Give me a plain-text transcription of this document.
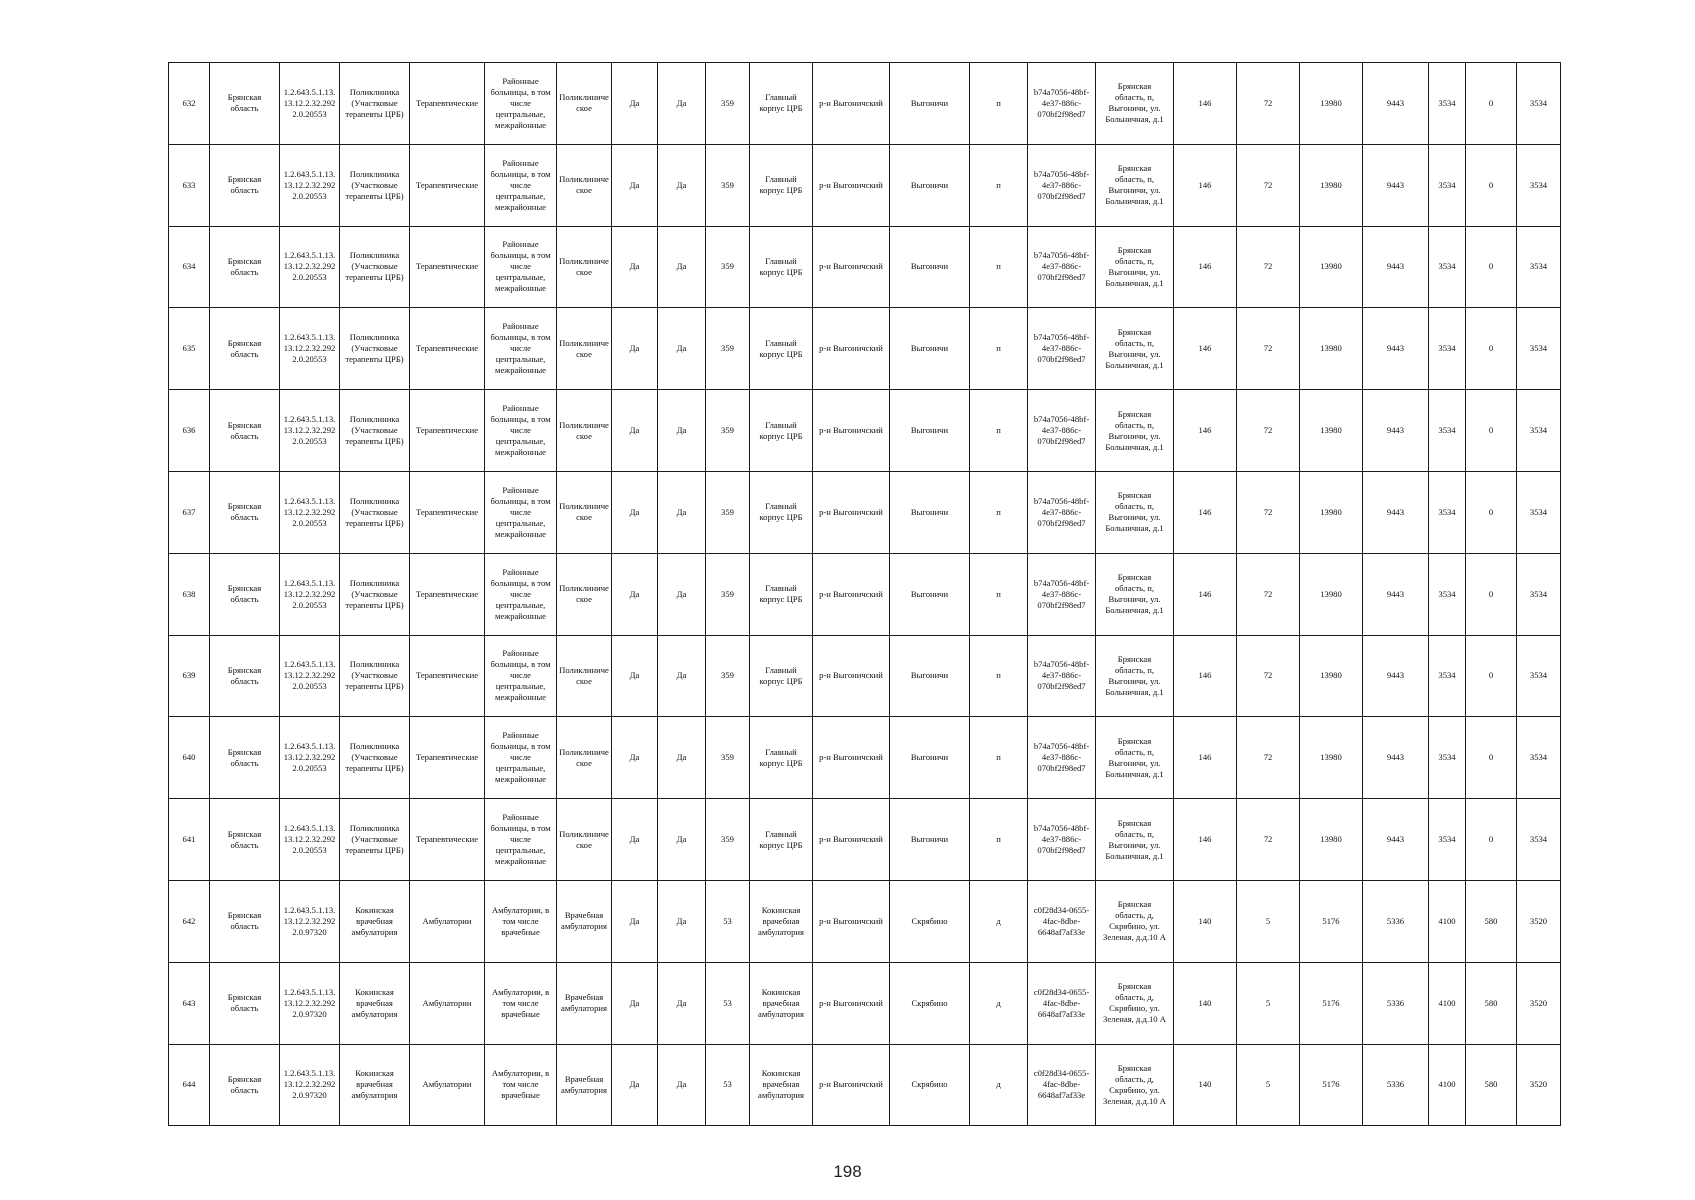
632	Брянская
область	1.2.643.5.1.13.
13.12.2.32.292
2.0.20553	Поликлиника
(Участковые
терапевты ЦРБ)	Терапевтические	Районные
больницы, в том
числе
центральные,
межрайонные	Поликлиниче
ское	Да	Да	359	Главный
корпус ЦРБ	р-н Выгоничский	Выгоничи	п	b74a7056-48bf-
4e37-886c-
070bf2f98ed7	Брянская
область, п,
Выгоничи, ул.
Больничная, д.1	146	72	13980	9443	3534	0	3534
633	Брянская
область	1.2.643.5.1.13.
13.12.2.32.292
2.0.20553	Поликлиника
(Участковые
терапевты ЦРБ)	Терапевтические	Районные
больницы, в том
числе
центральные,
межрайонные	Поликлиниче
ское	Да	Да	359	Главный
корпус ЦРБ	р-н Выгоничский	Выгоничи	п	b74a7056-48bf-
4e37-886c-
070bf2f98ed7	Брянская
область, п,
Выгоничи, ул.
Больничная, д.1	146	72	13980	9443	3534	0	3534
634	Брянская
область	1.2.643.5.1.13.
13.12.2.32.292
2.0.20553	Поликлиника
(Участковые
терапевты ЦРБ)	Терапевтические	Районные
больницы, в том
числе
центральные,
межрайонные	Поликлиниче
ское	Да	Да	359	Главный
корпус ЦРБ	р-н Выгоничский	Выгоничи	п	b74a7056-48bf-
4e37-886c-
070bf2f98ed7	Брянская
область, п,
Выгоничи, ул.
Больничная, д.1	146	72	13980	9443	3534	0	3534
635	Брянская
область	1.2.643.5.1.13.
13.12.2.32.292
2.0.20553	Поликлиника
(Участковые
терапевты ЦРБ)	Терапевтические	Районные
больницы, в том
числе
центральные,
межрайонные	Поликлиниче
ское	Да	Да	359	Главный
корпус ЦРБ	р-н Выгоничский	Выгоничи	п	b74a7056-48bf-
4e37-886c-
070bf2f98ed7	Брянская
область, п,
Выгоничи, ул.
Больничная, д.1	146	72	13980	9443	3534	0	3534
636	Брянская
область	1.2.643.5.1.13.
13.12.2.32.292
2.0.20553	Поликлиника
(Участковые
терапевты ЦРБ)	Терапевтические	Районные
больницы, в том
числе
центральные,
межрайонные	Поликлиниче
ское	Да	Да	359	Главный
корпус ЦРБ	р-н Выгоничский	Выгоничи	п	b74a7056-48bf-
4e37-886c-
070bf2f98ed7	Брянская
область, п,
Выгоничи, ул.
Больничная, д.1	146	72	13980	9443	3534	0	3534
637	Брянская
область	1.2.643.5.1.13.
13.12.2.32.292
2.0.20553	Поликлиника
(Участковые
терапевты ЦРБ)	Терапевтические	Районные
больницы, в том
числе
центральные,
межрайонные	Поликлиниче
ское	Да	Да	359	Главный
корпус ЦРБ	р-н Выгоничский	Выгоничи	п	b74a7056-48bf-
4e37-886c-
070bf2f98ed7	Брянская
область, п,
Выгоничи, ул.
Больничная, д.1	146	72	13980	9443	3534	0	3534
638	Брянская
область	1.2.643.5.1.13.
13.12.2.32.292
2.0.20553	Поликлиника
(Участковые
терапевты ЦРБ)	Терапевтические	Районные
больницы, в том
числе
центральные,
межрайонные	Поликлиниче
ское	Да	Да	359	Главный
корпус ЦРБ	р-н Выгоничский	Выгоничи	п	b74a7056-48bf-
4e37-886c-
070bf2f98ed7	Брянская
область, п,
Выгоничи, ул.
Больничная, д.1	146	72	13980	9443	3534	0	3534
639	Брянская
область	1.2.643.5.1.13.
13.12.2.32.292
2.0.20553	Поликлиника
(Участковые
терапевты ЦРБ)	Терапевтические	Районные
больницы, в том
числе
центральные,
межрайонные	Поликлиниче
ское	Да	Да	359	Главный
корпус ЦРБ	р-н Выгоничский	Выгоничи	п	b74a7056-48bf-
4e37-886c-
070bf2f98ed7	Брянская
область, п,
Выгоничи, ул.
Больничная, д.1	146	72	13980	9443	3534	0	3534
640	Брянская
область	1.2.643.5.1.13.
13.12.2.32.292
2.0.20553	Поликлиника
(Участковые
терапевты ЦРБ)	Терапевтические	Районные
больницы, в том
числе
центральные,
межрайонные	Поликлиниче
ское	Да	Да	359	Главный
корпус ЦРБ	р-н Выгоничский	Выгоничи	п	b74a7056-48bf-
4e37-886c-
070bf2f98ed7	Брянская
область, п,
Выгоничи, ул.
Больничная, д.1	146	72	13980	9443	3534	0	3534
641	Брянская
область	1.2.643.5.1.13.
13.12.2.32.292
2.0.20553	Поликлиника
(Участковые
терапевты ЦРБ)	Терапевтические	Районные
больницы, в том
числе
центральные,
межрайонные	Поликлиниче
ское	Да	Да	359	Главный
корпус ЦРБ	р-н Выгоничский	Выгоничи	п	b74a7056-48bf-
4e37-886c-
070bf2f98ed7	Брянская
область, п,
Выгоничи, ул.
Больничная, д.1	146	72	13980	9443	3534	0	3534
642	Брянская
область	1.2.643.5.1.13.
13.12.2.32.292
2.0.97320	Кокинская
врачебная
амбулатория	Амбулатории	Амбулатории, в
том числе
врачебные	Врачебная
амбулатория	Да	Да	53	Кокинская
врачебная
амбулатория	р-н Выгоничский	Скрябино	д	c0f28d34-0655-
4fac-8dbe-
6648af7af33e	Брянская
область, д,
Скрябино, ул.
Зеленая, д.д.10 А	140	5	5176	5336	4100	580	3520
643	Брянская
область	1.2.643.5.1.13.
13.12.2.32.292
2.0.97320	Кокинская
врачебная
амбулатория	Амбулатории	Амбулатории, в
том числе
врачебные	Врачебная
амбулатория	Да	Да	53	Кокинская
врачебная
амбулатория	р-н Выгоничский	Скрябино	д	c0f28d34-0655-
4fac-8dbe-
6648af7af33e	Брянская
область, д,
Скрябино, ул.
Зеленая, д.д.10 А	140	5	5176	5336	4100	580	3520
644	Брянская
область	1.2.643.5.1.13.
13.12.2.32.292
2.0.97320	Кокинская
врачебная
амбулатория	Амбулатории	Амбулатории, в
том числе
врачебные	Врачебная
амбулатория	Да	Да	53	Кокинская
врачебная
амбулатория	р-н Выгоничский	Скрябино	д	c0f28d34-0655-
4fac-8dbe-
6648af7af33e	Брянская
область, д,
Скрябино, ул.
Зеленая, д.д.10 А	140	5	5176	5336	4100	580	3520
198
